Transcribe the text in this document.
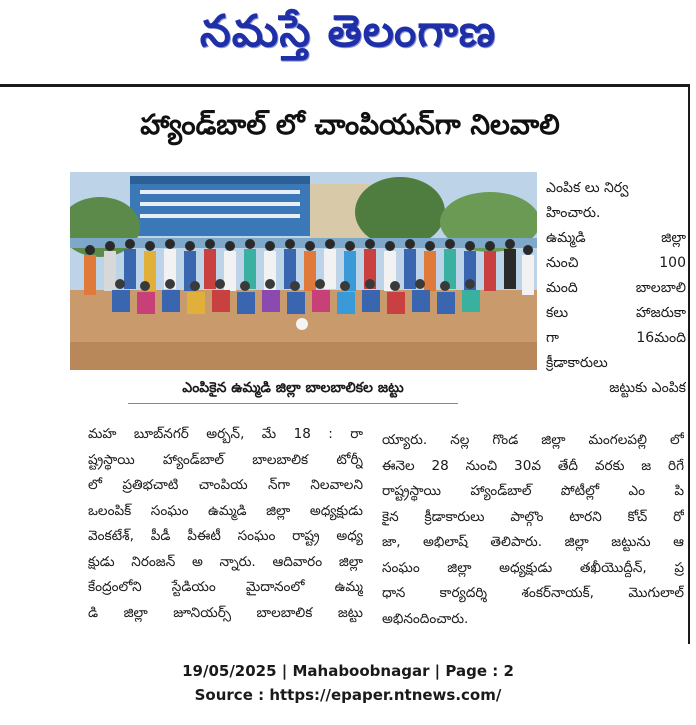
నమస్తే తెలంగాణ
హ్యాండ్‌బాల్ లో చాంపియన్‌గా నిలవాలి
ఎంపికైన ఉమ్మడి జిల్లా బాలబాలికల జట్టు
ఎంపిక లు నిర్వ
హించారు.
ఉమ్మడి జిల్లా
నుంచి 100
మంది బాలబాలి
కలు హాజరుకా
గా 16మంది
క్రీడాకారులు
జట్టుకు ఎంపిక
మహ బూబ్‌నగర్ అర్బన్, మే 18 : రా
ష్ట్రస్థాయి హ్యాండ్‌బాల్ బాలబాలిక టోర్నీ
లో ప్రతిభచాటి చాంపియ న్‌గా నిలవాలని
ఒలంపిక్ సంఘం ఉమ్మడి జిల్లా అధ్యక్షుడు
వెంకటేశ్, పీడీ పీఈటీ సంఘం రాష్ట్ర అధ్య
క్షుడు నిరంజన్ అ న్నారు. ఆదివారం జిల్లా
కేంద్రంలోని స్టేడియం మైదానంలో ఉమ్మ
డి జిల్లా జూనియర్స్ బాలబాలిక జట్టు
య్యారు. నల్ల గొండ జిల్లా మంగలపల్లి లో
ఈనెల 28 నుంచి 30వ తేదీ వరకు జ రిగే
రాష్ట్రస్థాయి హ్యాండ్‌బాల్ పోటీల్లో ఎం పి
కైన క్రీడాకారులు పాల్గొం టారని కోచ్ రో
జా, అభిలాష్ తెలిపారు. జిల్లా జట్టును ఆ
సంఘం జిల్లా అధ్యక్షుడు తఖీయొద్దీన్, ప్ర
ధాన కార్యదర్శి శంకర్‌నాయక్, మొగులాల్
అభినందించారు.
19/05/2025 | Mahaboobnagar | Page : 2
Source : https://epaper.ntnews.com/
